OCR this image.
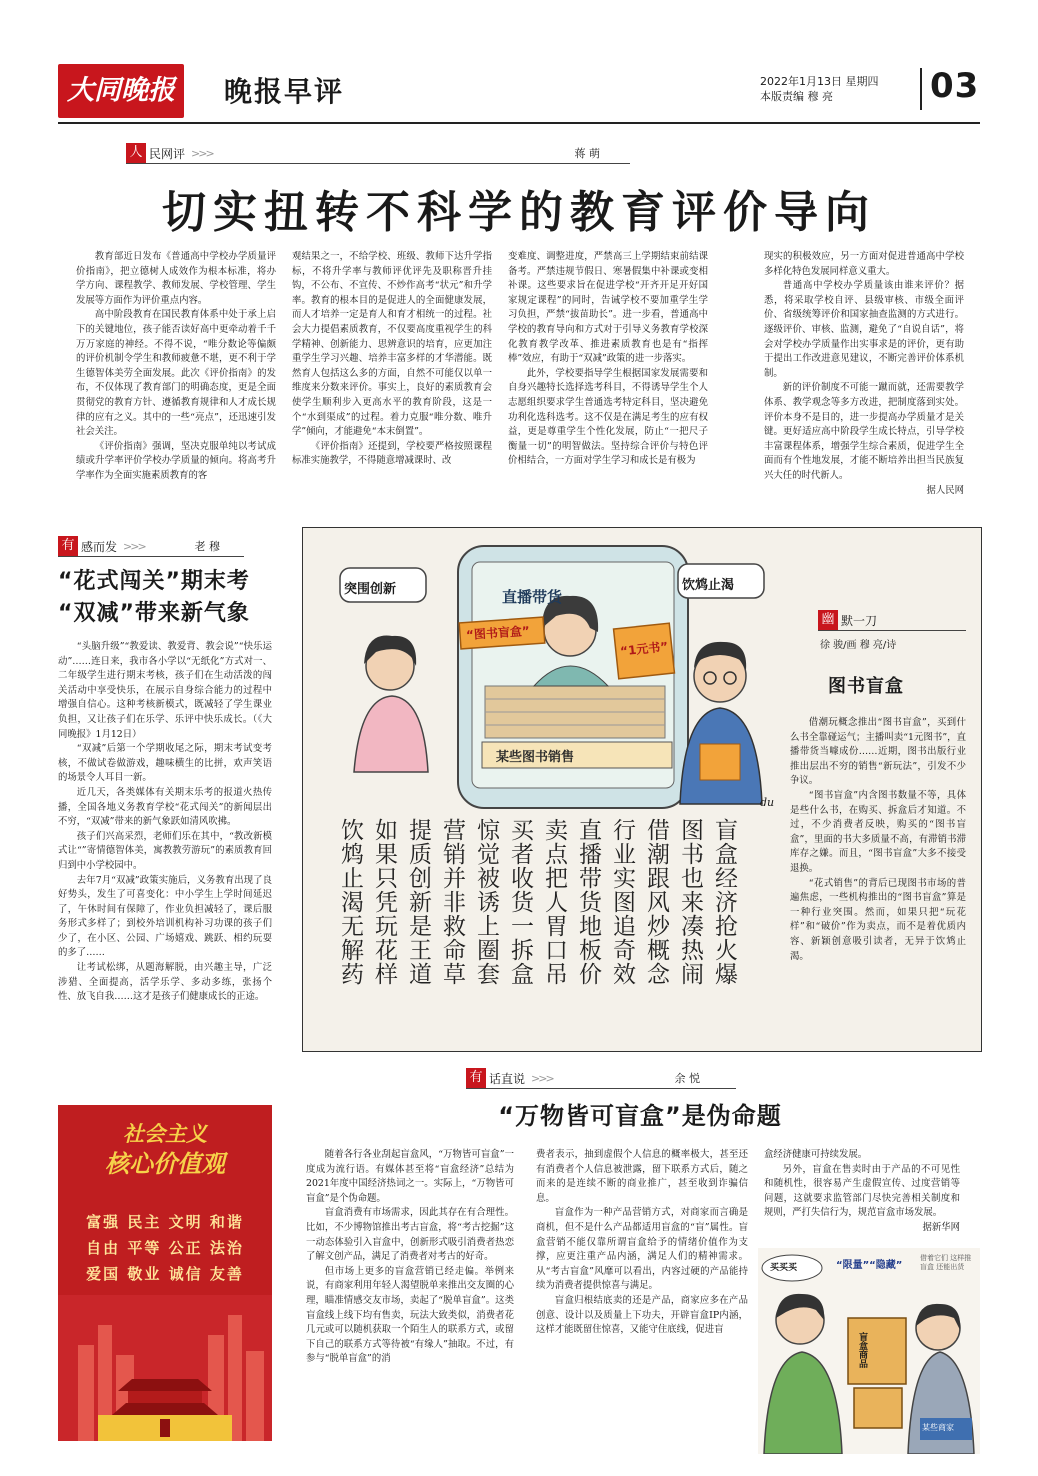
大同晚报	晚报早评	2022年1月13日 星期四
本版责编 穆 亮	03
人 民网评 >>>	蒋 萌
切实扭转不科学的教育评价导向

教育部近日发布《普通高中学校办学质量评价指南》，把立德树人成效作为根本标准，将办学方向、课程教学、教师发展、学校管理、学生发展等方面作为评价重点内容。

高中阶段教育在国民教育体系中处于承上启下的关键地位，孩子能否读好高中更牵动着千千万万家庭的神经。不得不说，“唯分数论等偏颇的评价机制令学生和教师疲惫不堪，更不利于学生德智体美劳全面发展。此次《评价指南》的发布，不仅体现了教育部门的明确态度，更是全面贯彻党的教育方针、遵循教育规律和人才成长规律的应有之义。其中的一些“亮点”，还迅速引发社会关注。

《评价指南》强调，坚决克服单纯以考试成绩或升学率评价学校办学质量的倾向。将高考升学率作为全面实施素质教育的客

观结果之一，不给学校、班级、教师下达升学指标，不将升学率与教师评优评先及职称晋升挂钩，不公布、不宣传、不炒作高考“状元”和升学率。教育的根本目的是促进人的全面健康发展，而人才培养一定是育人和育才相统一的过程。社会大力提倡素质教育，不仅要高度重视学生的科学精神、创新能力、思辨意识的培育，应更加注重学生学习兴趣、培养丰富多样的才华潜能。既然育人包括这么多的方面，自然不可能仅以单一维度来分数来评价。事实上，良好的素质教育会使学生顺利步入更高水平的教育阶段，这是一个“水到渠成”的过程。着力克服“唯分数、唯升学”倾向，才能避免“本末倒置”。

《评价指南》还提到，学校要严格按照课程标准实施教学，不得随意增减课时、改

变难度、调整进度，严禁高三上学期结束前结课备考。严禁违规节假日、寒暑假集中补课或变相补课。这些要求旨在促进学校“开齐开足开好国家规定课程”的同时，告诫学校不要加重学生学习负担，严禁“拔苗助长”。进一步看，普通高中学校的教育导向和方式对于引导义务教育学校深化教育教学改革、推进素质教育也是有“指挥棒”效应，有助于“双减”政策的进一步落实。

此外，学校要指导学生根据国家发展需要和自身兴趣特长选择选考科目，不得诱导学生个人志愿组织要求学生普通选考特定科目，坚决避免功利化选科选考。这不仅是在满足考生的应有权益，更是尊重学生个性化发展，防止“一把尺子衡量一切”的明智做法。坚持综合评价与特色评价相结合，一方面对学生学习和成长是有极为

现实的积极效应，另一方面对促进普通高中学校多样化特色发展同样意义重大。

普通高中学校办学质量该由谁来评价？据悉，将采取学校自评、县级审核、市级全面评价、省级统筹评价和国家抽查监测的方式进行。逐级评价、审核、监测，避免了“自说自话”，将会对学校办学质量作出实事求是的评价，更有助于提出工作改进意见建议，不断完善评价体系机制。

新的评价制度不可能一蹴而就，还需要教学体系、教学观念等多方改进，把制度落到实处。评价本身不是目的，进一步提高办学质量才是关键。更好适应高中阶段学生成长特点，引导学校丰富课程体系，增强学生综合素质，促进学生全面而有个性地发展，才能不断培养出担当民族复兴大任的时代新人。

据人民网

有 感而发 >>>	老 穆
“花式闯关”期末考
“双减”带来新气象

“头脑升级”“教爱读、教爱背、教会说”“快乐运动”……连日来，我市各小学以“无纸化”方式对一、二年级学生进行期末考核，孩子们在生动活泼的闯关活动中享受快乐，在展示自身综合能力的过程中增强自信心。这种考核新模式，既减轻了学生课业负担，又让孩子们在乐学、乐评中快乐成长。（《大同晚报》1月12日）

“双减”后第一个学期收尾之际，期末考试变考核，不做试卷做游戏，趣味横生的比拼，欢声笑语的场景令人耳目一新。

近几天，各类媒体有关期末乐考的报道火热传播，全国各地义务教育学校“花式闯关”的新闻层出不穷，“双减”带来的新气象跃如清风吹拂。

孩子们兴高采烈，老师们乐在其中，“教改新模式让“”寄情德智体美，寓教教劳游玩”的素质教育回归到中小学校园中。

去年7月“双减”政策实施后，义务教育出现了良好势头，发生了可喜变化：中小学生上学时间延迟了，午休时间有保障了，作业负担减轻了，课后服务形式多样了；到校外培训机构补习功课的孩子们少了，在小区、公园、广场嬉戏、跳跃、相约玩耍的多了……

让考试松绑，从题海解脱，由兴趣主导，广泛涉猎、全面提高，活学乐学、多动多练，张扬个性、放飞自我……这才是孩子们健康成长的正途。

突围创新	饮鸩止渴
直播带货
“图书盲盒”
“1元书”
某些图书销售
du
盲盒经济抢火爆
图书也来凑热闹
借潮跟风炒概念
行业实图追奇效
直播带货地板价
卖点把人胃口吊
买者收货一拆盒
惊觉被诱上圈套
营销并非救命草
提质创新是王道
如果只凭玩花样
饮鸩止渴无解药
幽 默一刀
徐 骏/画 穆 亮/诗
图书盲盒

借潮玩概念推出“图书盲盒”，买到什么书全靠碰运气；主播叫卖“1元图书”，直播带货当噱成份……近期，图书出版行业推出层出不穷的销售“新玩法”，引发不少争议。

“图书盲盒”内含图书数量不等，具体是些什么书，在购买、拆盒后才知道。不过，不少消费者反映，购买的“图书盲盒”，里面的书大多质量不高，有滞销书滞库存之嫌。而且，“图书盲盒”大多不接受退换。

“花式销售”的背后已现图书市场的普遍焦虑，一些机构推出的“图书盲盒”算是一种行业突围。然而，如果只把“玩花样”和“破价”作为卖点，而不是着优质内容、新颖创意吸引读者，无异于饮鸩止渴。

社会主义
核心价值观
富强 民主 文明 和谐
自由 平等 公正 法治
爱国 敬业 诚信 友善
有 话直说 >>>	余 悦
“万物皆可盲盒”是伪命题

随着各行各业刮起盲盒风，“万物皆可盲盒”一度成为流行语。有媒体甚至将“盲盒经济”总结为2021年度中国经济热词之一。实际上，“万物皆可盲盒”是个伪命题。

盲盒消费有市场需求，因此其存在有合理性。比如，不少博物馆推出考古盲盒，将“考古挖掘”这一动态体验引入盲盒中，创新形式吸引消费者热恋了解文创产品，满足了消费者对考古的好奇。

但市场上更多的盲盒营销已经走偏。举例来说，有商家利用年轻人渴望脱单来推出交友圈的心理，瞄准情感交友市场，卖起了“脱单盲盒”。这类盲盒线上线下均有售卖，玩法大致类似，消费者花几元或可以随机获取一个陌生人的联系方式，或留下自己的联系方式等待被“有缘人”抽取。不过，有参与“脱单盲盒”的消

费者表示，抽到虚假个人信息的概率极大，甚至还有消费者个人信息被泄露，留下联系方式后，随之而来的是连续不断的商业推广，甚至收到诈骗信息。

盲盒作为一种产品营销方式，对商家而言确是商机，但不是什么产品都适用盲盒的“盲”属性。盲盒营销不能仅靠所谓盲盒给予的情绪价值作为支撑，应更注重产品内涵，满足人们的精神需求。从“考古盲盒”风靡可以看出，内容过硬的产品能持续为消费者提供惊喜与满足。

盲盒归根结底卖的还是产品，商家应多在产品创意、设计以及质量上下功夫，开辟盲盒IP内涵，这样才能既留住惊喜，又能守住底线，促进盲

盒经济健康可持续发展。

另外，盲盒在售卖时由于产品的不可见性和随机性，很容易产生虚假宣传、过度营销等问题，这就要求监管部门尽快完善相关制度和规则，严打失信行为，规范盲盒市场发展。

据新华网

买买买	“限量”“隐藏”
盲盒商品
某些商家
借着它们 这样推盲盒 还能出货
